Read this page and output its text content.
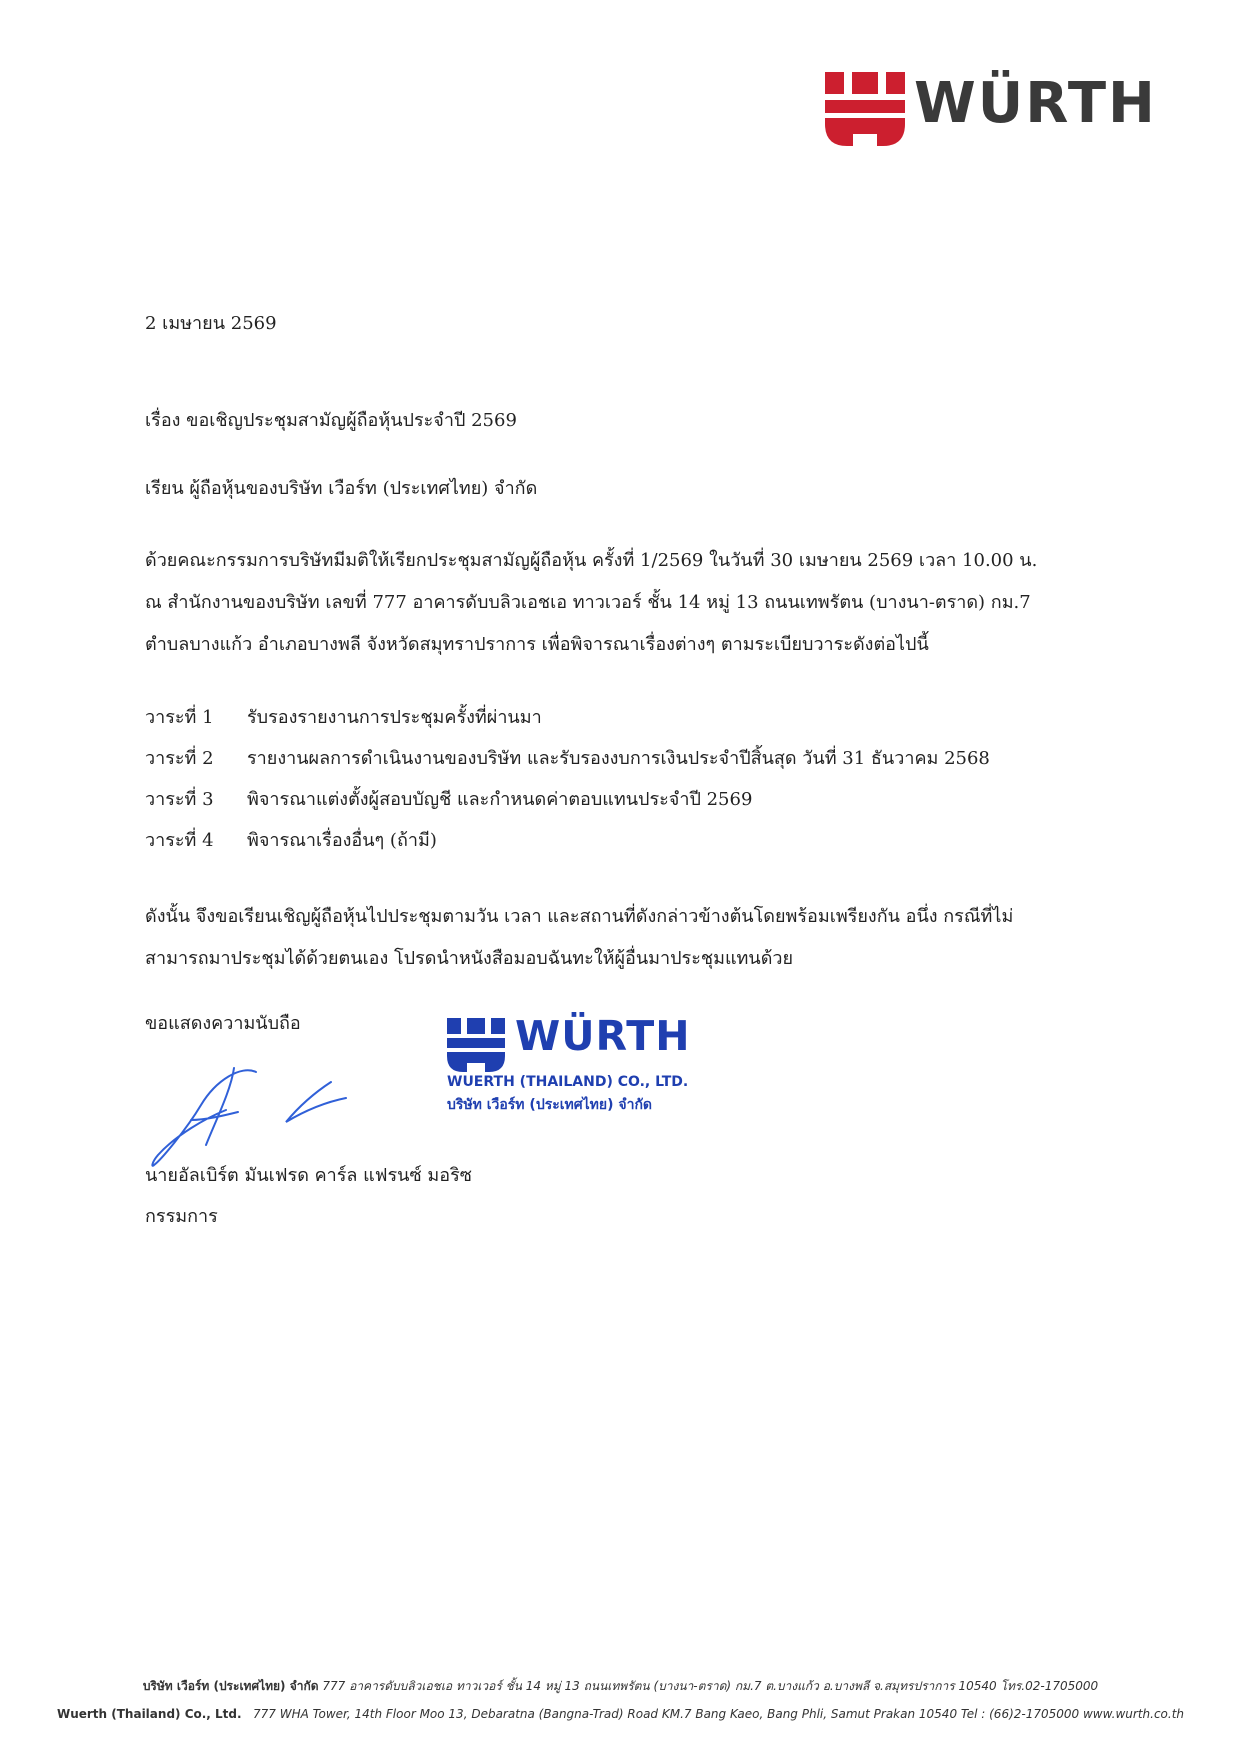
WÜRTH
2 เมษายน 2569
เรื่อง ขอเชิญประชุมสามัญผู้ถือหุ้นประจำปี 2569
เรียน ผู้ถือหุ้นของบริษัท เวือร์ท (ประเทศไทย) จำกัด

ด้วยคณะกรรมการบริษัทมีมติให้เรียกประชุมสามัญผู้ถือหุ้น ครั้งที่ 1/2569 ในวันที่ 30 เมษายน 2569 เวลา 10.00 น.

ณ สำนักงานของบริษัท เลขที่ 777 อาคารดับบลิวเอชเอ ทาวเวอร์ ชั้น 14 หมู่ 13 ถนนเทพรัตน (บางนา-ตราด) กม.7

ตำบลบางแก้ว อำเภอบางพลี จังหวัดสมุทราปราการ เพื่อพิจารณาเรื่องต่างๆ ตามระเบียบวาระดังต่อไปนี้

วาระที่ 1 รับรองรายงานการประชุมครั้งที่ผ่านมา
วาระที่ 2 รายงานผลการดำเนินงานของบริษัท และรับรองงบการเงินประจำปีสิ้นสุด วันที่ 31 ธันวาคม 2568
วาระที่ 3 พิจารณาแต่งตั้งผู้สอบบัญชี และกำหนดค่าตอบแทนประจำปี 2569
วาระที่ 4 พิจารณาเรื่องอื่นๆ (ถ้ามี)

ดังนั้น จึงขอเรียนเชิญผู้ถือหุ้นไปประชุมตามวัน เวลา และสถานที่ดังกล่าวข้างต้นโดยพร้อมเพรียงกัน อนึ่ง กรณีที่ไม่

สามารถมาประชุมได้ด้วยตนเอง โปรดนำหนังสือมอบฉันทะให้ผู้อื่นมาประชุมแทนด้วย

ขอแสดงความนับถือ	WÜRTH
WUERTH (THAILAND) CO., LTD.
บริษัท เวือร์ท (ประเทศไทย) จำกัด
นายอัลเบิร์ต มันเฟรด คาร์ล แฟรนซ์ มอริซ
กรรมการ
บริษัท เวือร์ท (ประเทศไทย) จำกัด 777 อาคารดับบลิวเอชเอ ทาวเวอร์ ชั้น 14 หมู่ 13 ถนนเทพรัตน (บางนา-ตราด) กม.7 ต.บางแก้ว อ.บางพลี จ.สมุทรปราการ 10540 โทร.02-1705000
Wuerth (Thailand) Co., Ltd. 777 WHA Tower, 14th Floor Moo 13, Debaratna (Bangna-Trad) Road KM.7 Bang Kaeo, Bang Phli, Samut Prakan 10540 Tel : (66)2-1705000 www.wurth.co.th
